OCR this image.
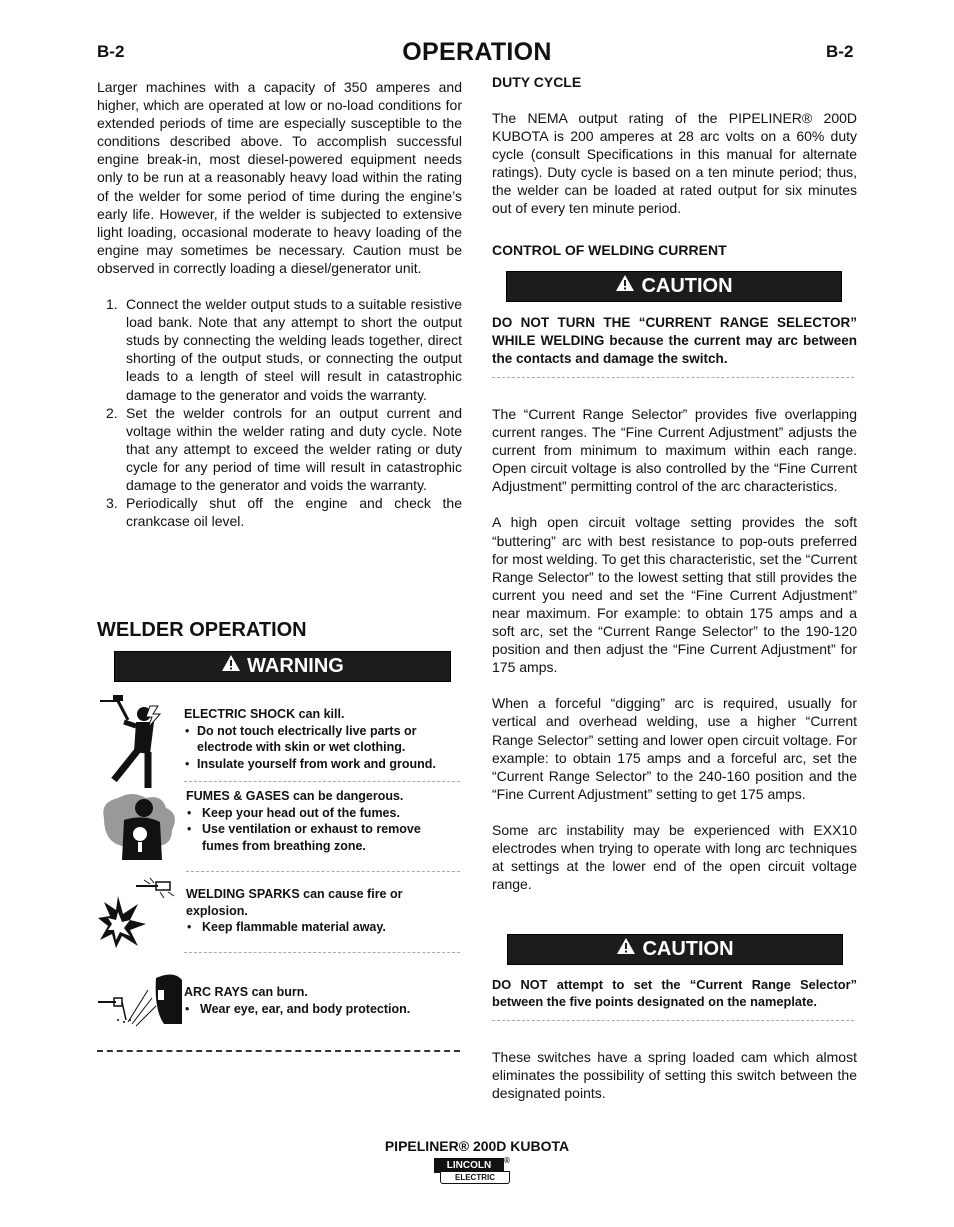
B-2	OPERATION	B-2

Larger machines with a capacity of 350 amperes and higher, which are operated at low or no-load conditions for extended periods of time are especially susceptible to the conditions described above. To accomplish successful engine break-in, most diesel-powered equipment needs only to be run at a reasonably heavy load within the rating of the welder for some period of time during the engine’s early life. However, if the welder is subjected to extensive light loading, occasional moderate to heavy loading of the engine may sometimes be necessary. Caution must be observed in correctly loading a diesel/generator unit.

1. Connect the welder output studs to a suitable resistive load bank. Note that any attempt to short the output studs by connecting the welding leads together, direct shorting of the output studs, or connecting the output leads to a length of steel will result in catastrophic damage to the generator and voids the warranty.
2. Set the welder controls for an output current and voltage within the welder rating and duty cycle. Note that any attempt to exceed the welder rating or duty cycle for any period of time will result in catastrophic damage to the generator and voids the warranty.
3. Periodically shut off the engine and check the crankcase oil level.
WELDER OPERATION
WARNING
ELECTRIC SHOCK can kill.
• Do not touch electrically live parts or electrode with skin or wet clothing.
• Insulate yourself from work and ground.
FUMES & GASES can be dangerous.
• Keep your head out of the fumes.
• Use ventilation or exhaust to remove fumes from breathing zone.
WELDING SPARKS can cause fire or explosion.
• Keep flammable material away.
ARC RAYS can burn.
• Wear eye, ear, and body protection.
DUTY CYCLE
The NEMA output rating of the PIPELINER® 200D KUBOTA is 200 amperes at 28 arc volts on a 60% duty cycle (consult Specifications in this manual for alternate ratings). Duty cycle is based on a ten minute period; thus, the welder can be loaded at rated output for six minutes out of every ten minute period.
CONTROL OF WELDING CURRENT
CAUTION
DO NOT TURN THE “CURRENT RANGE SELECTOR” WHILE WELDING because the current may arc between the contacts and damage the switch.

The “Current Range Selector” provides five overlapping current ranges. The “Fine Current Adjustment” adjusts the current from minimum to maximum within each range. Open circuit voltage is also controlled by the “Fine Current Adjustment” permitting control of the arc characteristics.

A high open circuit voltage setting provides the soft “buttering” arc with best resistance to pop-outs preferred for most welding. To get this characteristic, set the “Current Range Selector” to the lowest setting that still provides the current you need and set the “Fine Current Adjustment” near maximum. For example: to obtain 175 amps and a soft arc, set the “Current Range Selector” to the 190-120 position and then adjust the “Fine Current Adjustment” for 175 amps.

When a forceful “digging” arc is required, usually for vertical and overhead welding, use a higher “Current Range Selector” setting and lower open circuit voltage. For example: to obtain 175 amps and a forceful arc, set the “Current Range Selector” to the 240-160 position and the “Fine Current Adjustment” setting to get 175 amps.

Some arc instability may be experienced with EXX10 electrodes when trying to operate with long arc techniques at settings at the lower end of the open circuit voltage range.

CAUTION
DO NOT attempt to set the “Current Range Selector” between the five points designated on the nameplate.
These switches have a spring loaded cam which almost eliminates the possibility of setting this switch between the designated points.
PIPELINER® 200D KUBOTA
LINCOLN	®
ELECTRIC
